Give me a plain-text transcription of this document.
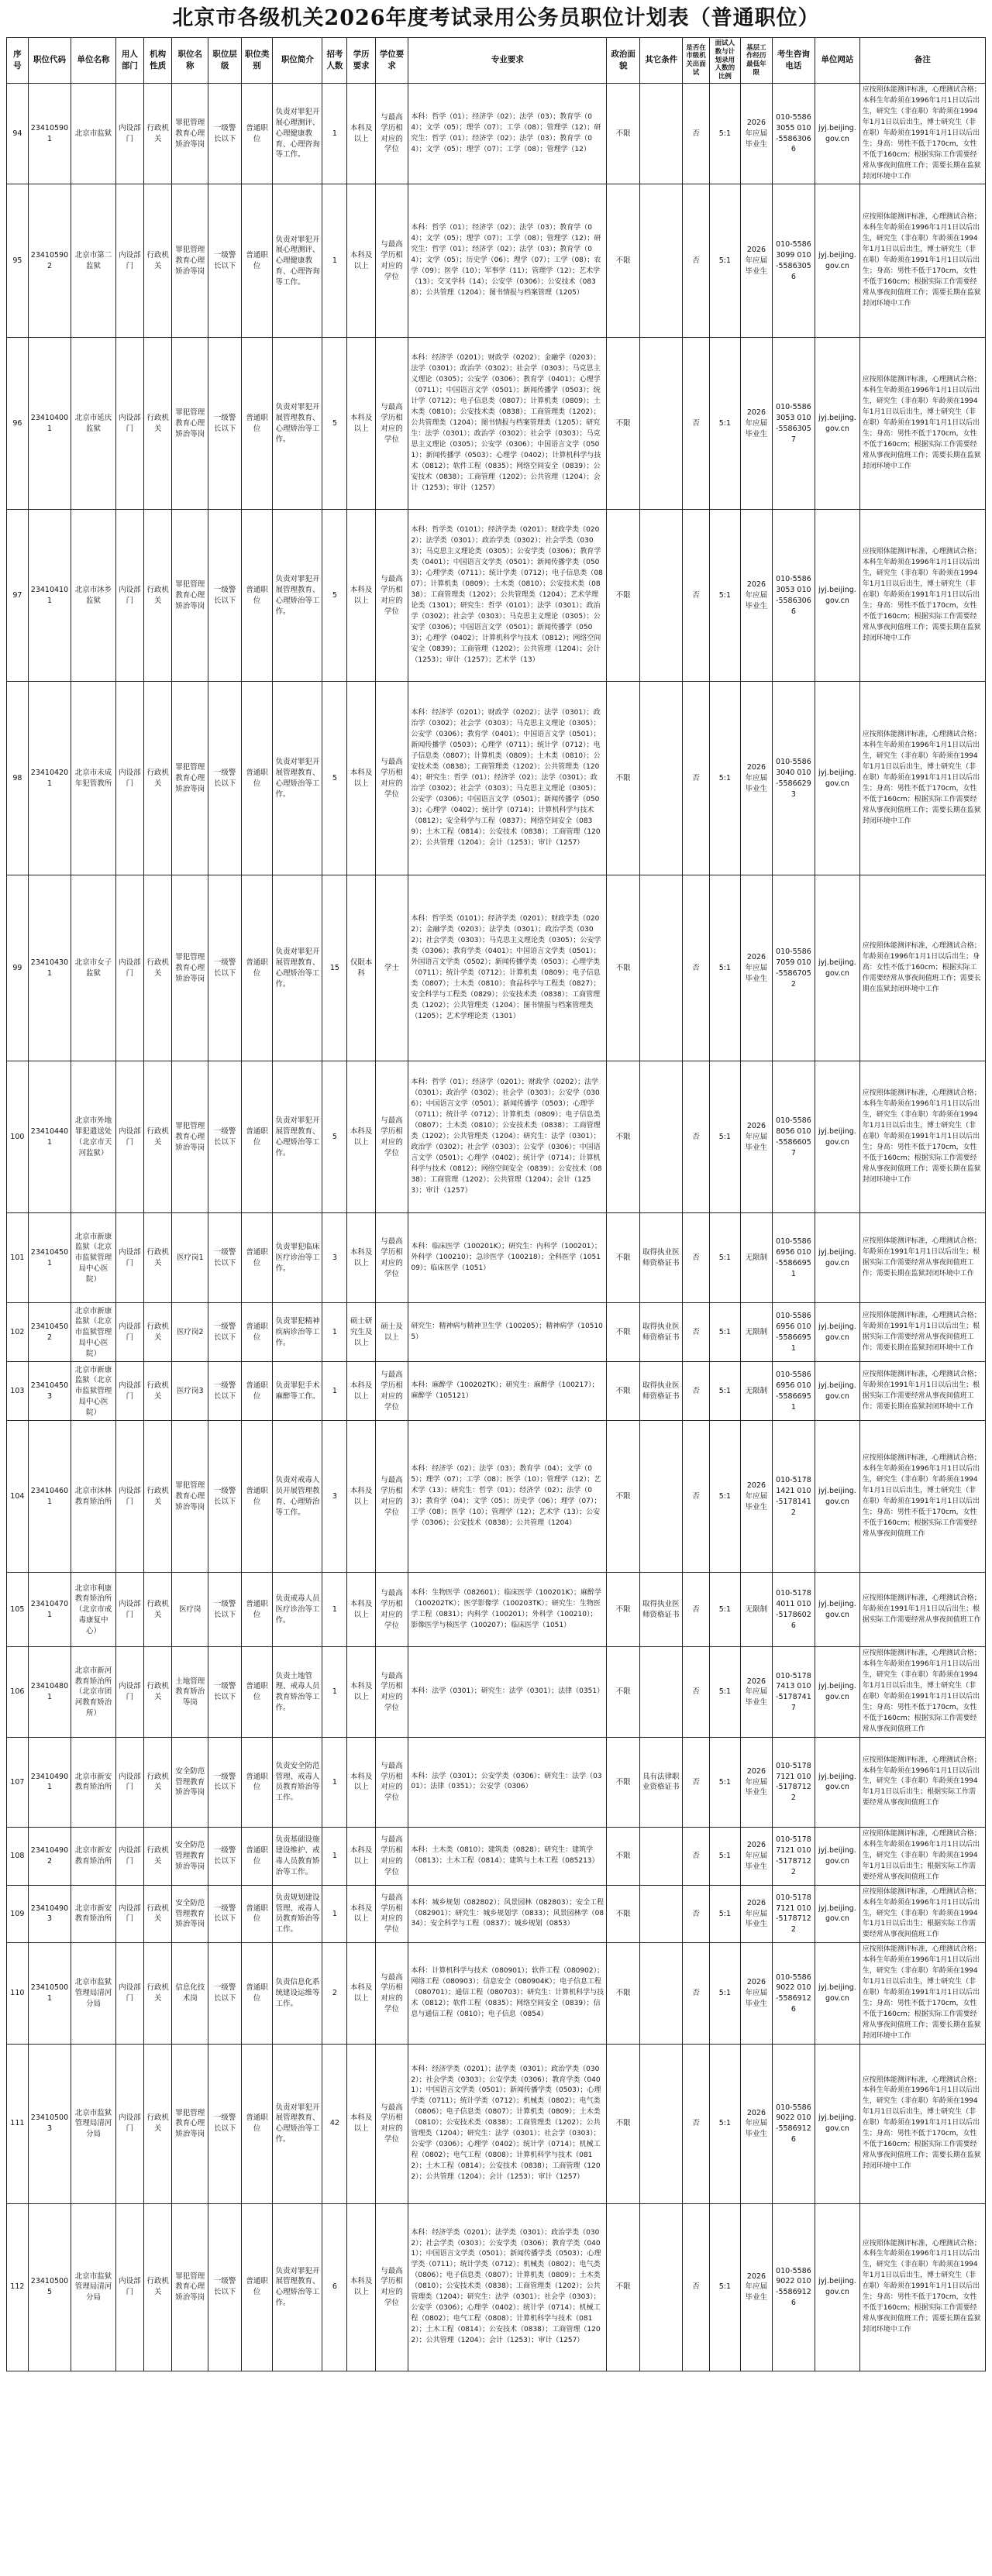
北京市各级机关2026年度考试录用公务员职位计划表（普通职位）
序号	职位代码	单位名称	用人部门	机构性质	职位名称	职位层级	职位类别	职位简介	招考人数	学历要求	学位要求	专业要求	政治面貌	其它条件	是否在市级机关出面试	面试人数与计划录用人数的比例	基层工作经历最低年限	考生咨询电话	单位网站	备注
94	234105901	北京市监狱	内设部门	行政机关	罪犯管理教育心理矫治等岗	一级警长以下	普通职位	负责对罪犯开展心理测评、心理健康教育、心理咨询等工作。	1	本科及以上	与最高学历相对应的学位	本科：哲学（01）；经济学（02）；法学（03）；教育学（04）；文学（05）；理学（07）；工学（08）；管理学（12）；研究生：哲学（01）；经济学（02）；法学（03）；教育学（04）；文学（05）；理学（07）；工学（08）；管理学（12）	不限		否	5:1	2026年应届毕业生	010-55863055 010-55863066	jyj.beijing.gov.cn	应按照体能测评标准，心理测试合格；本科生年龄须在1996年1月1日以后出生，研究生（非在职）年龄须在1994年1月1日以后出生，博士研究生（非在职）年龄须在1991年1月1日以后出生；身高：男性不低于170cm，女性不低于160cm；根据实际工作需要经常从事夜间值班工作；需要长期在监狱封闭环境中工作
95	234105902	北京市第二监狱	内设部门	行政机关	罪犯管理教育心理矫治等岗	一级警长以下	普通职位	负责对罪犯开展心理测评、心理健康教育、心理咨询等工作。	1	本科及以上	与最高学历相对应的学位	本科：哲学（01）；经济学（02）；法学（03）；教育学（04）；文学（05）；理学（07）；工学（08）；管理学（12）；研究生：哲学（01）；经济学（02）；法学（03）；教育学（04）；文学（05）；历史学（06）；理学（07）；工学（08）；农学（09）；医学（10）；军事学（11）；管理学（12）；艺术学（13）；交叉学科（14）；公安学（0306）；公安技术（0838）；公共管理（1204）；图书情报与档案管理（1205）	不限		否	5:1	2026年应届毕业生	010-55863099 010-55863056	jyj.beijing.gov.cn	应按照体能测评标准，心理测试合格；本科生年龄须在1996年1月1日以后出生，研究生（非在职）年龄须在1994年1月1日以后出生，博士研究生（非在职）年龄须在1991年1月1日以后出生；身高：男性不低于170cm，女性不低于160cm；根据实际工作需要经常从事夜间值班工作；需要长期在监狱封闭环境中工作
96	234104001	北京市延庆监狱	内设部门	行政机关	罪犯管理教育心理矫治等岗	一级警长以下	普通职位	负责对罪犯开展管理教育、心理矫治等工作。	5	本科及以上	与最高学历相对应的学位	本科：经济学（0201）；财政学（0202）；金融学（0203）；法学（0301）；政治学（0302）；社会学（0303）；马克思主义理论（0305）；公安学（0306）；教育学（0401）；心理学（0711）；中国语言文学（0501）；新闻传播学（0503）；统计学（0712）；电子信息类（0807）；计算机类（0809）；土木类（0810）；公安技术类（0838）；工商管理类（1202）；公共管理类（1204）；图书情报与档案管理类（1205）；研究生：法学（0301）；政治学（0302）；社会学（0303）；马克思主义理论（0305）；公安学（0306）；中国语言文学（0501）；新闻传播学（0503）；心理学（0402）；计算机科学与技术（0812）；软件工程（0835）；网络空间安全（0839）；公安技术（0838）；工商管理（1202）；公共管理（1204）；会计（1253）；审计（1257）	不限		否	5:1	2026年应届毕业生	010-55863053 010-55863057	jyj.beijing.gov.cn	应按照体能测评标准，心理测试合格；本科生年龄须在1996年1月1日以后出生，研究生（非在职）年龄须在1994年1月1日以后出生，博士研究生（非在职）年龄须在1991年1月1日以后出生；身高：男性不低于170cm，女性不低于160cm；根据实际工作需要经常从事夜间值班工作；需要长期在监狱封闭环境中工作
97	234104101	北京市沐乡监狱	内设部门	行政机关	罪犯管理教育心理矫治等岗	一级警长以下	普通职位	负责对罪犯开展管理教育、心理矫治等工作。	5	本科及以上	与最高学历相对应的学位	本科：哲学类（0101）；经济学类（0201）；财政学类（0202）；法学类（0301）；政治学类（0302）；社会学类（0303）；马克思主义理论类（0305）；公安学类（0306）；教育学类（0401）；中国语言文学类（0501）；新闻传播学类（0503）；心理学类（0711）；统计学类（0712）；电子信息类（0807）；计算机类（0809）；土木类（0810）；公安技术类（0838）；工商管理类（1202）；公共管理类（1204）；艺术学理论类（1301）；研究生：哲学（0101）；法学（0301）；政治学（0302）；社会学（0303）；马克思主义理论（0305）；公安学（0306）；中国语言文学（0501）；新闻传播学（0503）；心理学（0402）；计算机科学与技术（0812）；网络空间安全（0839）；工商管理（1202）；公共管理（1204）；会计（1253）；审计（1257）；艺术学（13）	不限		否	5:1	2026年应届毕业生	010-55863053 010-55863066	jyj.beijing.gov.cn	应按照体能测评标准，心理测试合格；本科生年龄须在1996年1月1日以后出生，研究生（非在职）年龄须在1994年1月1日以后出生，博士研究生（非在职）年龄须在1991年1月1日以后出生；身高：男性不低于170cm，女性不低于160cm；根据实际工作需要经常从事夜间值班工作；需要长期在监狱封闭环境中工作
98	234104201	北京市未成年犯管教所	内设部门	行政机关	罪犯管理教育心理矫治等岗	一级警长以下	普通职位	负责对罪犯开展管理教育、心理矫治等工作。	5	本科及以上	与最高学历相对应的学位	本科：经济学（0201）；财政学（0202）；法学（0301）；政治学（0302）；社会学（0303）；马克思主义理论（0305）；公安学（0306）；教育学（0401）；中国语言文学（0501）；新闻传播学（0503）；心理学（0711）；统计学（0712）；电子信息类（0807）；计算机类（0809）；土木类（0810）；公安技术类（0838）；工商管理类（1202）；公共管理类（1204）；研究生：哲学（01）；经济学（02）；法学（0301）；政治学（0302）；社会学（0303）；马克思主义理论（0305）；公安学（0306）；中国语言文学（0501）；新闻传播学（0503）；心理学（0402）；统计学（0714）；计算机科学与技术（0812）；安全科学与工程（0837）；网络空间安全（0839）；土木工程（0814）；公安技术（0838）；工商管理（1202）；公共管理（1204）；会计（1253）；审计（1257）	不限		否	5:1	2026年应届毕业生	010-55863040 010-55866293	jyj.beijing.gov.cn	应按照体能测评标准，心理测试合格；本科生年龄须在1996年1月1日以后出生，研究生（非在职）年龄须在1994年1月1日以后出生，博士研究生（非在职）年龄须在1991年1月1日以后出生；身高：男性不低于170cm，女性不低于160cm；根据实际工作需要经常从事夜间值班工作；需要长期在监狱封闭环境中工作
99	234104301	北京市女子监狱	内设部门	行政机关	罪犯管理教育心理矫治等岗	一级警长以下	普通职位	负责对罪犯开展管理教育、心理矫治等工作。	15	仅限本科	学士	本科：哲学类（0101）；经济学类（0201）；财政学类（0202）；金融学类（0203）；法学类（0301）；政治学类（0302）；社会学类（0303）；马克思主义理论类（0305）；公安学类（0306）；教育学类（0401）；中国语言文学类（0501）；外国语言文学类（0502）；新闻传播学类（0503）；心理学类（0711）；统计学类（0712）；计算机类（0809）；电子信息类（0807）；土木类（0810）；食品科学与工程类（0827）；安全科学与工程类（0829）；公安技术类（0838）；工商管理类（1202）；公共管理类（1204）；图书情报与档案管理类（1205）；艺术学理论类（1301）	不限		否	5:1	2026年应届毕业生	010-55867059 010-55867052	jyj.beijing.gov.cn	应按照体能测评标准，心理测试合格；年龄须在1996年1月1日以后出生；身高：女性不低于160cm；根据实际工作需要经常从事夜间值班工作；需要长期在监狱封闭环境中工作
100	234104401	北京市外地罪犯遣送处（北京市天河监狱）	内设部门	行政机关	罪犯管理教育心理矫治等岗	一级警长以下	普通职位	负责对罪犯开展管理教育、心理矫治等工作。	5	本科及以上	与最高学历相对应的学位	本科：哲学（01）；经济学（0201）；财政学（0202）；法学（0301）；政治学（0302）；社会学（0303）；公安学（0306）；中国语言文学（0501）；新闻传播学（0503）；心理学（0711）；统计学（0712）；计算机类（0809）；电子信息类（0807）；土木类（0810）；公安技术类（0838）；工商管理类（1202）；公共管理类（1204）；研究生：法学（0301）；政治学（0302）；社会学（0303）；公安学（0306）；中国语言文学（0501）；心理学（0402）；统计学（0714）；计算机科学与技术（0812）；网络空间安全（0839）；公安技术（0838）；工商管理（1202）；公共管理（1204）；会计（1253）；审计（1257）	不限		否	5:1	2026年应届毕业生	010-55868056 010-55866057	jyj.beijing.gov.cn	应按照体能测评标准，心理测试合格；本科生年龄须在1996年1月1日以后出生，研究生（非在职）年龄须在1994年1月1日以后出生，博士研究生（非在职）年龄须在1991年1月1日以后出生；身高：男性不低于170cm，女性不低于160cm；根据实际工作需要经常从事夜间值班工作；需要长期在监狱封闭环境中工作
101	234104501	北京市新康监狱（北京市监狱管理局中心医院）	内设部门	行政机关	医疗岗1	一级警长以下	普通职位	负责罪犯临床医疗诊治等工作。	3	本科及以上	与最高学历相对应的学位	本科：临床医学（100201K）；研究生：内科学（100201）；外科学（100210）；急诊医学（100218）；全科医学（105109）；临床医学（1051）	不限	取得执业医师资格证书	否	5:1	无限制	010-55866956 010-55866951	jyj.beijing.gov.cn	应按照体能测评标准，心理测试合格；年龄须在1991年1月1日以后出生；根据实际工作需要经常从事夜间值班工作；需要长期在监狱封闭环境中工作
102	234104502	北京市新康监狱（北京市监狱管理局中心医院）	内设部门	行政机关	医疗岗2	一级警长以下	普通职位	负责罪犯精神疾病诊治等工作。	1	硕士研究生及以上	硕士及以上	研究生：精神病与精神卫生学（100205）；精神病学（105105）	不限	取得执业医师资格证书	否	5:1	无限制	010-55866956 010-55866951	jyj.beijing.gov.cn	应按照体能测评标准，心理测试合格；年龄须在1991年1月1日以后出生；根据实际工作需要经常从事夜间值班工作；需要长期在监狱封闭环境中工作
103	234104503	北京市新康监狱（北京市监狱管理局中心医院）	内设部门	行政机关	医疗岗3	一级警长以下	普通职位	负责罪犯手术麻醉等工作。	1	本科及以上	与最高学历相对应的学位	本科：麻醉学（100202TK）；研究生：麻醉学（100217）；麻醉学（105121）	不限	取得执业医师资格证书	否	5:1	无限制	010-55866956 010-55866951	jyj.beijing.gov.cn	应按照体能测评标准，心理测试合格；年龄须在1991年1月1日以后出生；根据实际工作需要经常从事夜间值班工作；需要长期在监狱封闭环境中工作
104	234104601	北京市沐林教育矫治所	内设部门	行政机关	罪犯管理教育心理矫治等岗	一级警长以下	普通职位	负责对戒毒人员开展管理教育、心理矫治等工作。	3	本科及以上	与最高学历相对应的学位	本科：经济学（02）；法学（03）；教育学（04）；文学（05）；理学（07）；工学（08）；医学（10）；管理学（12）；艺术学（13）；研究生：哲学（01）；经济学（02）；法学（03）；教育学（04）；文学（05）；历史学（06）；理学（07）；工学（08）；医学（10）；管理学（12）；艺术学（13）；公安学（0306）；公安技术（0838）；公共管理（1204）	不限		否	5:1	2026年应届毕业生	010-51781421 010-51781412	jyj.beijing.gov.cn	应按照体能测评标准，心理测试合格；本科生年龄须在1996年1月1日以后出生，研究生（非在职）年龄须在1994年1月1日以后出生，博士研究生（非在职）年龄须在1991年1月1日以后出生；身高：男性不低于170cm，女性不低于160cm；根据实际工作需要经常从事夜间值班工作
105	234104701	北京市利康教育矫治所（北京市戒毒康复中心）	内设部门	行政机关	医疗岗	一级警长以下	普通职位	负责戒毒人员医疗诊治等工作。	1	本科及以上	与最高学历相对应的学位	本科：生物医学（082601）；临床医学（100201K）；麻醉学（100202TK）；医学影像学（100203TK）；研究生：生物医学工程（0831）；内科学（100201）；外科学（100210）；影像医学与核医学（100207）；临床医学（1051）	不限	取得执业医师资格证书	否	5:1	无限制	010-51784011 010-51786026	jyj.beijing.gov.cn	应按照体能测评标准，心理测试合格；年龄须在1991年1月1日以后出生；根据实际工作需要经常从事夜间值班工作
106	234104801	北京市新河教育矫治所（北京市团河教育矫治所）	内设部门	行政机关	土地管理教育矫治等岗	一级警长以下	普通职位	负责土地管理、戒毒人员教育矫治等工作。	1	本科及以上	与最高学历相对应的学位	本科：法学（0301）；研究生：法学（0301）；法律（0351）	不限		否	5:1	2026年应届毕业生	010-51787413 010-51787417	jyj.beijing.gov.cn	应按照体能测评标准，心理测试合格；本科生年龄须在1996年1月1日以后出生，研究生（非在职）年龄须在1994年1月1日以后出生，博士研究生（非在职）年龄须在1991年1月1日以后出生；身高：男性不低于170cm，女性不低于160cm；根据实际工作需要经常从事夜间值班工作
107	234104901	北京市新安教育矫治所	内设部门	行政机关	安全防范管理教育矫治等岗	一级警长以下	普通职位	负责安全防范管理、戒毒人员教育矫治等工作。	1	本科及以上	与最高学历相对应的学位	本科：法学（0301）；公安学类（0306）；研究生：法学（0301）；法律（0351）；公安学（0306）	不限	具有法律职业资格证书	否	5:1	2026年应届毕业生	010-51787121 010-51787122	jyj.beijing.gov.cn	应按照体能测评标准，心理测试合格；本科生年龄须在1996年1月1日以后出生，研究生（非在职）年龄须在1994年1月1日以后出生；根据实际工作需要经常从事夜间值班工作
108	234104902	北京市新安教育矫治所	内设部门	行政机关	安全防范管理教育矫治等岗	一级警长以下	普通职位	负责基础设施建设维护、戒毒人员教育矫治等工作。	1	本科及以上	与最高学历相对应的学位	本科：土木类（0810）；建筑类（0828）；研究生：建筑学（0813）；土木工程（0814）；建筑与土木工程（085213）	不限		否	5:1	2026年应届毕业生	010-51787121 010-51787122	jyj.beijing.gov.cn	应按照体能测评标准，心理测试合格；本科生年龄须在1996年1月1日以后出生，研究生（非在职）年龄须在1994年1月1日以后出生；根据实际工作需要经常从事夜间值班工作
109	234104903	北京市新安教育矫治所	内设部门	行政机关	安全防范管理教育矫治等岗	一级警长以下	普通职位	负责规划建设管理、戒毒人员教育矫治等工作。	1	本科及以上	与最高学历相对应的学位	本科：城乡规划（082802）；风景园林（082803）；安全工程（082901）；研究生：城乡规划学（0833）；风景园林学（0834）；安全科学与工程（0837）；城乡规划（0853）	不限		否	5:1	2026年应届毕业生	010-51787121 010-51787122	jyj.beijing.gov.cn	应按照体能测评标准，心理测试合格；本科生年龄须在1996年1月1日以后出生，研究生（非在职）年龄须在1994年1月1日以后出生；根据实际工作需要经常从事夜间值班工作
110	234105001	北京市监狱管理局清河分局	内设部门	行政机关	信息化技术岗	一级警长以下	普通职位	负责信息化系统建设运维等工作。	2	本科及以上	与最高学历相对应的学位	本科：计算机科学与技术（080901）；软件工程（080902）；网络工程（080903）；信息安全（080904K）；电子信息工程（080701）；通信工程（080703）；研究生：计算机科学与技术（0812）；软件工程（0835）；网络空间安全（0839）；信息与通信工程（0810）；电子信息（0854）	不限		否	5:1	2026年应届毕业生	010-55869022 010-55869126	jyj.beijing.gov.cn	应按照体能测评标准，心理测试合格；本科生年龄须在1996年1月1日以后出生，研究生（非在职）年龄须在1994年1月1日以后出生，博士研究生（非在职）年龄须在1991年1月1日以后出生；身高：男性不低于170cm，女性不低于160cm；根据实际工作需要经常从事夜间值班工作；需要长期在监狱封闭环境中工作
111	234105003	北京市监狱管理局清河分局	内设部门	行政机关	罪犯管理教育心理矫治等岗	一级警长以下	普通职位	负责对罪犯开展管理教育、心理矫治等工作。	42	本科及以上	与最高学历相对应的学位	本科：经济学类（0201）；法学类（0301）；政治学类（0302）；社会学类（0303）；公安学类（0306）；教育学类（0401）；中国语言文学类（0501）；新闻传播学类（0503）；心理学类（0711）；统计学类（0712）；机械类（0802）；电气类（0806）；电子信息类（0807）；计算机类（0809）；土木类（0810）；公安技术类（0838）；工商管理类（1202）；公共管理类（1204）；研究生：法学（0301）；社会学（0303）；公安学（0306）；心理学（0402）；统计学（0714）；机械工程（0802）；电气工程（0808）；计算机科学与技术（0812）；土木工程（0814）；公安技术（0838）；工商管理（1202）；公共管理（1204）；会计（1253）；审计（1257）	不限		否	5:1	2026年应届毕业生	010-55869022 010-55869126	jyj.beijing.gov.cn	应按照体能测评标准，心理测试合格；本科生年龄须在1996年1月1日以后出生，研究生（非在职）年龄须在1994年1月1日以后出生，博士研究生（非在职）年龄须在1991年1月1日以后出生；身高：男性不低于170cm，女性不低于160cm；根据实际工作需要经常从事夜间值班工作；需要长期在监狱封闭环境中工作
112	234105005	北京市监狱管理局清河分局	内设部门	行政机关	罪犯管理教育心理矫治等岗	一级警长以下	普通职位	负责对罪犯开展管理教育、心理矫治等工作。	6	本科及以上	与最高学历相对应的学位	本科：经济学类（0201）；法学类（0301）；政治学类（0302）；社会学类（0303）；公安学类（0306）；教育学类（0401）；中国语言文学类（0501）；新闻传播学类（0503）；心理学类（0711）；统计学类（0712）；机械类（0802）；电气类（0806）；电子信息类（0807）；计算机类（0809）；土木类（0810）；公安技术类（0838）；工商管理类（1202）；公共管理类（1204）；研究生：法学（0301）；社会学（0303）；公安学（0306）；心理学（0402）；统计学（0714）；机械工程（0802）；电气工程（0808）；计算机科学与技术（0812）；土木工程（0814）；公安技术（0838）；工商管理（1202）；公共管理（1204）；会计（1253）；审计（1257）	不限		否	5:1	2026年应届毕业生	010-55869022 010-55869126	jyj.beijing.gov.cn	应按照体能测评标准，心理测试合格；本科生年龄须在1996年1月1日以后出生，研究生（非在职）年龄须在1994年1月1日以后出生，博士研究生（非在职）年龄须在1991年1月1日以后出生；身高：男性不低于170cm，女性不低于160cm；根据实际工作需要经常从事夜间值班工作；需要长期在监狱封闭环境中工作
